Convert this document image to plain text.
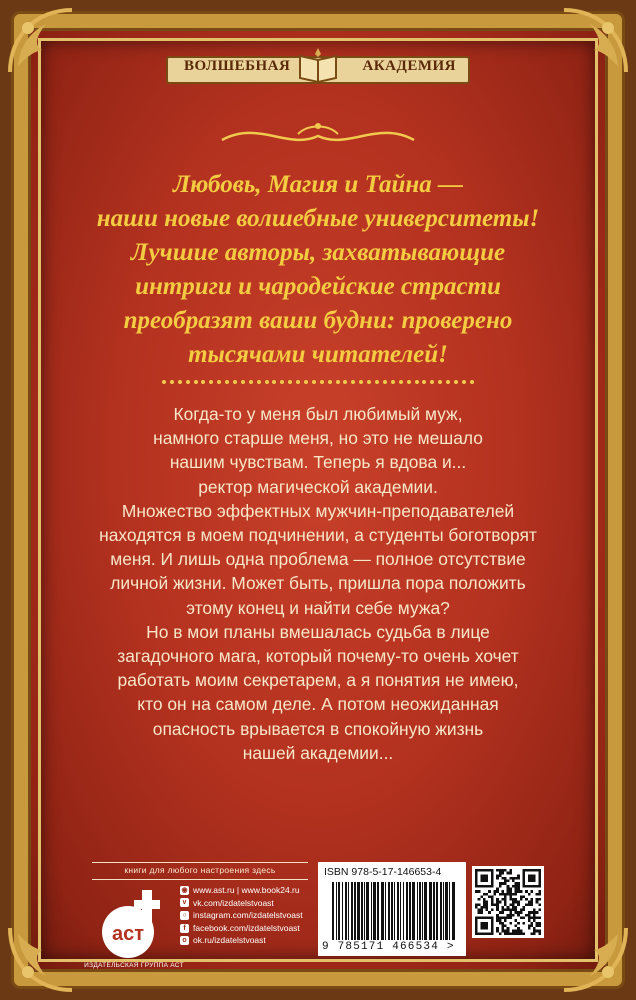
ВОЛШЕБНАЯ	АКАДЕМИЯ
Любовь, Магия и Тайна —
наши новые волшебные университеты!
Лучшие авторы, захватывающие
интриги и чародейские страсти
преобразят ваши будни: проверено
тысячами читателей!
Когда-то у меня был любимый муж,
намного старше меня, но это не мешало
нашим чувствам. Теперь я вдова и...
ректор магической академии.
Множество эффектных мужчин-преподавателей
находятся в моем подчинении, а студенты боготворят
меня. И лишь одна проблема — полное отсутствие
личной жизни. Может быть, пришла пора положить
этому конец и найти себе мужа?
Но в мои планы вмешалась судьба в лице
загадочного мага, который почему-то очень хочет
работать моим секретарем, а я понятия не имею,
кто он на самом деле. А потом неожиданная
опасность врывается в спокойную жизнь
нашей академии...
книги для любого настроения здесь
аст
ИЗДАТЕЛЬСКАЯ ГРУППА АСТ
◉ www.ast.ru | www.book24.ru
v vk.com/izdatelstvoast
○ instagram.com/izdatelstvoast
f facebook.com/izdatelstvoast
o ok.ru/izdatelstvoast
ISBN 978-5-17-146653-4
9 785171 466534 >
